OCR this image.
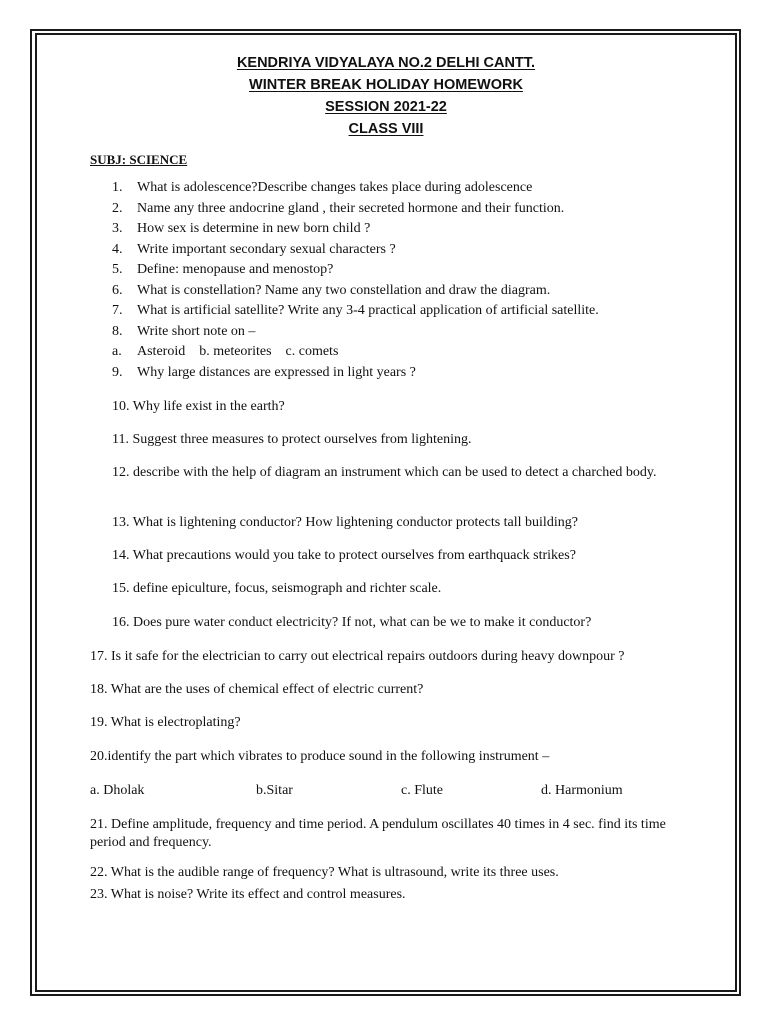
KENDRIYA VIDYALAYA NO.2 DELHI CANTT.
WINTER BREAK HOLIDAY HOMEWORK
SESSION 2021-22
CLASS VIII
SUBJ: SCIENCE
1. What is adolescence?Describe changes takes place during adolescence
2. Name any three andocrine gland , their secreted hormone and their function.
3. How sex is determine in new born child ?
4. Write important secondary sexual characters ?
5. Define: menopause and menostop?
6. What is constellation? Name any two constellation and draw the diagram.
7. What is artificial satellite? Write any 3-4 practical application of artificial satellite.
8. Write short note on –
a. Asteroid    b. meteorites    c. comets
9. Why large distances are expressed in light years ?
10. Why life exist in the earth?
11. Suggest three measures to protect ourselves from lightening.
12. describe with the help of diagram an instrument which can be used to detect a charched body.
13. What is lightening conductor? How lightening conductor protects tall building?
14. What precautions would you take to protect ourselves from earthquack strikes?
15. define epiculture, focus, seismograph and richter scale.
16. Does pure water conduct electricity? If not, what can be we to make it conductor?
17. Is it safe for the electrician to carry out electrical repairs outdoors during heavy downpour ?
18. What are the uses of chemical effect of electric current?
19. What is electroplating?
20.identify the part which vibrates to produce sound in the following instrument –
a. Dholak	b.Sitar	c. Flute	d. Harmonium
21. Define amplitude, frequency and time period. A pendulum oscillates 40 times in 4 sec. find its time period and frequency.
22. What is the audible range of frequency? What is ultrasound, write its three uses.
23. What is noise? Write its effect and control measures.
